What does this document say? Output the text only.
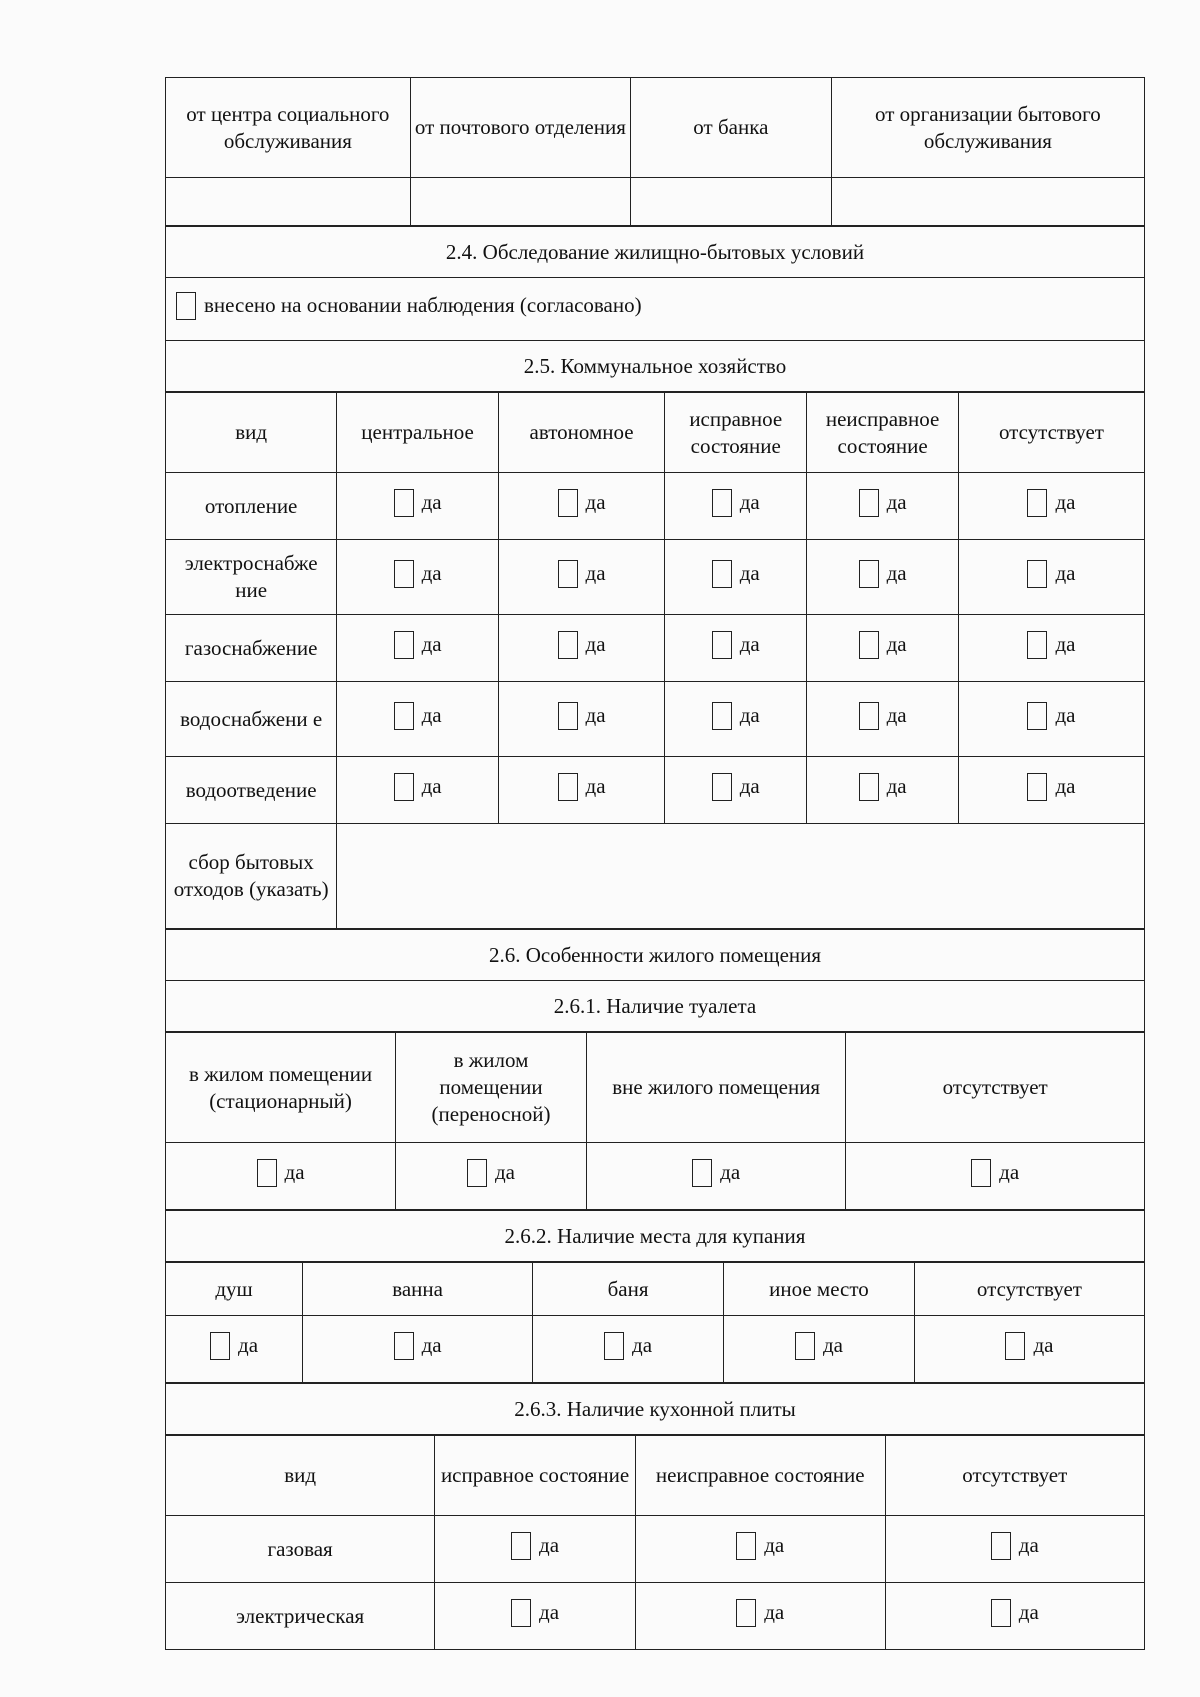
от центра социального обслуживания	от почтового отделения	от банка	от организации бытового обслуживания

2.4. Обследование жилищно-бытовых условий

внесено на основании наблюдения (согласовано)

2.5. Коммунальное хозяйство
вид	центральное	автономное	исправное состояние	неисправное состояние	отсутствует
отопление	да	да	да	да	да

электроснабже ние	да	да	да	да	да

газоснабжение	да	да	да	да	да

водоснабжени е	да	да	да	да	да

водоотведение	да	да	да	да	да

сбор бытовых отходов (указать)					
2.6. Особенности жилого помещения
2.6.1. Наличие туалета
в жилом помещении (стационарный)	в жилом помещении (переносной)	вне жилого помещения	отсутствует

да	да	да	да
2.6.2. Наличие места для купания
душ	ванна	баня	иное место	отсутствует

да	да	да	да	да
2.6.3. Наличие кухонной плиты
вид	исправное состояние	неисправное состояние	отсутствует
газовая	да	да	да

электрическая	да	да	да
